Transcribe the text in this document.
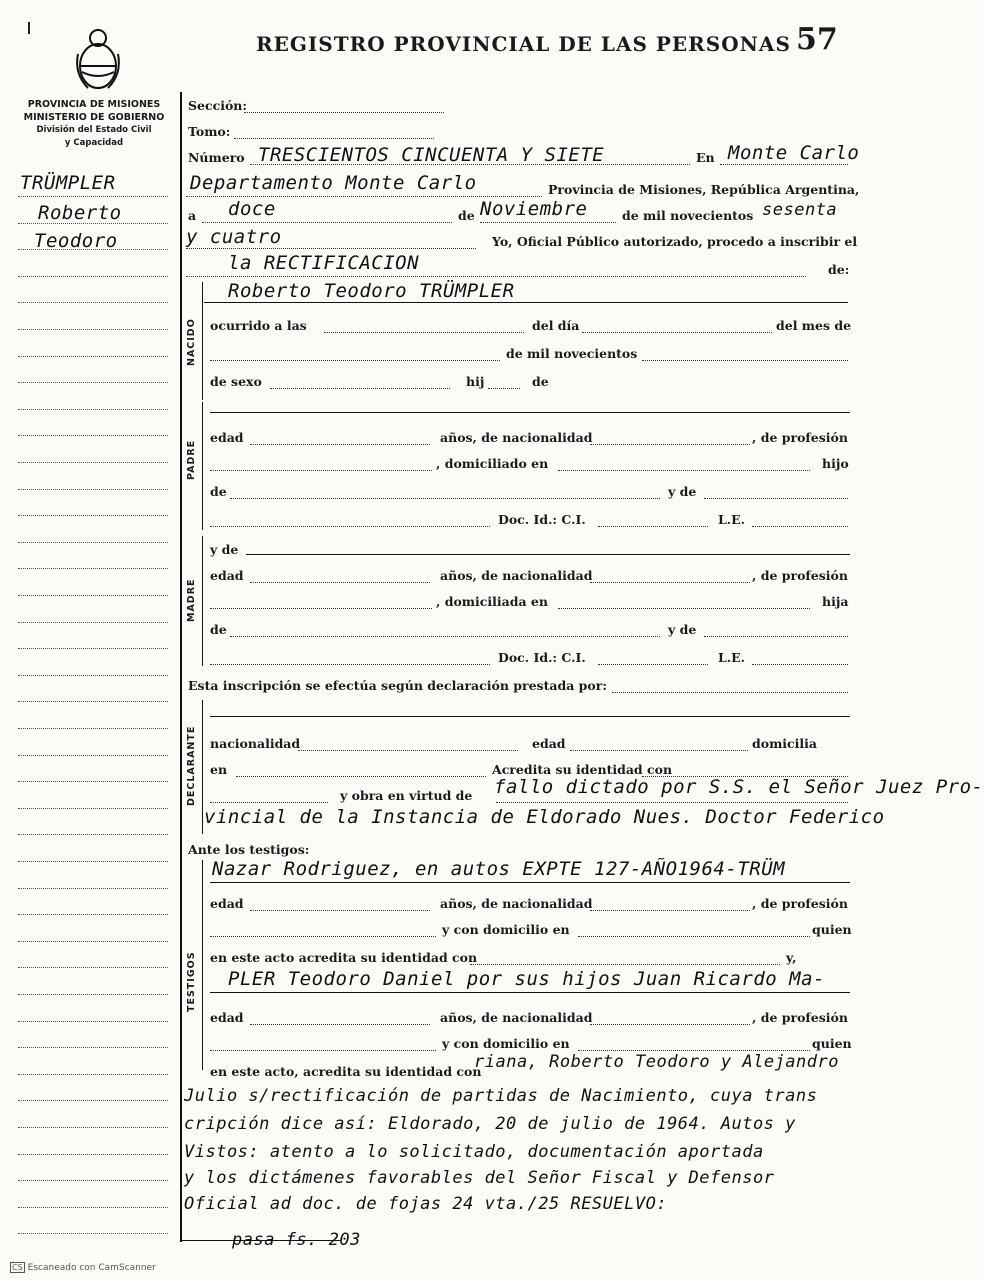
REGISTRO PROVINCIAL DE LAS PERSONAS 57
PROVINCIA DE MISIONES
MINISTERIO DE GOBIERNO
División del Estado Civil
y Capacidad
TRÜMPLER
Roberto
Teodoro
Sección:
Tomo:
Número	En
TRESCIENTOS CINCUENTA Y SIETE	Monte Carlo
Provincia de Misiones, República Argentina,
Departamento Monte Carlo
a	de	de mil novecientos
doce	Noviembre	sesenta
Yo, Oficial Público autorizado, procedo a inscribir el
y cuatro
de:
la RECTIFICACION
NACIDO
Roberto Teodoro TRÜMPLER
ocurrido a las	del día	del mes de
de mil novecientos
de sexo	hij	de
PADRE
edad	años, de nacionalidad	, de profesión
, domiciliado en	hijo
de	y de
Doc. Id.: C.I.	L.E.
MADRE
y de
edad	años, de nacionalidad	, de profesión
, domiciliada en	hija
de	y de
Doc. Id.: C.I.	L.E.
Esta inscripción se efectúa según declaración prestada por:
DECLARANTE nacionalidad	edad	domicilia
en	Acredita su identidad con
y obra en virtud de fallo dictado por S.S. el Señor Juez Pro-
vincial de la Instancia de Eldorado Nues. Doctor Federico
Ante los testigos:
TESTIGOS
Nazar Rodriguez, en autos EXPTE 127-AÑO1964-TRÜM
edad	años, de nacionalidad	, de profesión
y con domicilio en	quien
en este acto acredita su identidad con	y,
PLER Teodoro Daniel por sus hijos Juan Ricardo Ma-
edad	años, de nacionalidad	, de profesión
y con domicilio en	quien
en este acto, acredita su identidad con
riana, Roberto Teodoro y Alejandro
Julio s/rectificación de partidas de Nacimiento, cuya trans
cripción dice así: Eldorado, 20 de julio de 1964. Autos y
Vistos: atento a lo solicitado, documentación aportada
y los dictámenes favorables del Señor Fiscal y Defensor
Oficial ad doc. de fojas 24 vta./25 RESUELVO:
pasa fs. 203
CS Escaneado con CamScanner
